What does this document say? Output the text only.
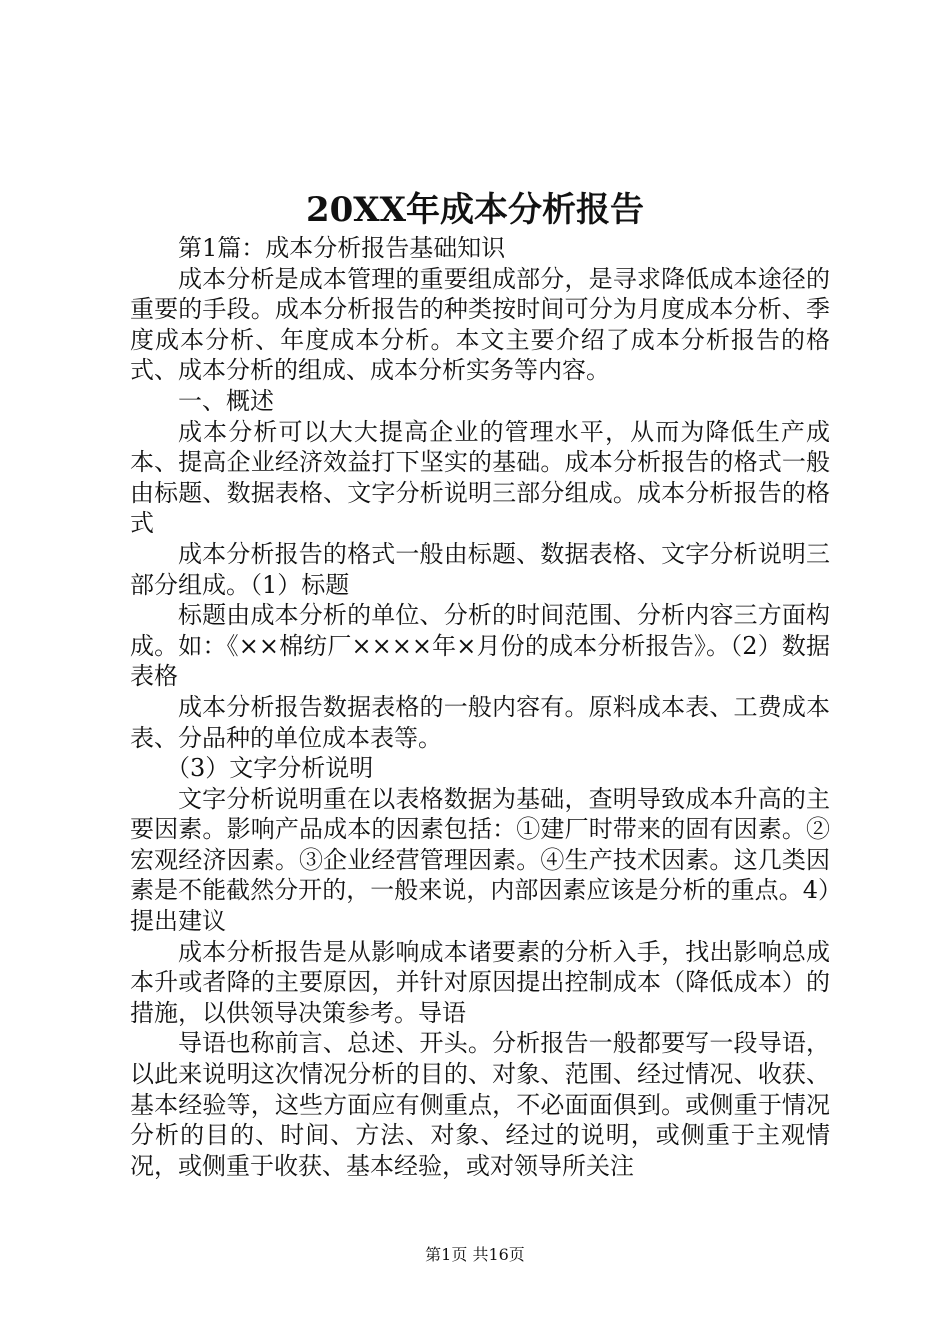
20XX年成本分析报告

第1篇：成本分析报告基础知识

成本分析是成本管理的重要组成部分，是寻求降低成本途径的重要的手段。成本分析报告的种类按时间可分为月度成本分析、季度成本分析、年度成本分析。本文主要介绍了成本分析报告的格式、成本分析的组成、成本分析实务等内容。

一、概述

成本分析可以大大提高企业的管理水平，从而为降低生产成本、提高企业经济效益打下坚实的基础。成本分析报告的格式一般由标题、数据表格、文字分析说明三部分组成。成本分析报告的格式

成本分析报告的格式一般由标题、数据表格、文字分析说明三部分组成。（1）标题

标题由成本分析的单位、分析的时间范围、分析内容三方面构成。如：《××棉纺厂××××年×月份的成本分析报告》。（2）数据表格

成本分析报告数据表格的一般内容有。原料成本表、工费成本表、分品种的单位成本表等。

（3）文字分析说明

文字分析说明重在以表格数据为基础，查明导致成本升高的主要因素。影响产品成本的因素包括：①建厂时带来的固有因素。②宏观经济因素。③企业经营管理因素。④生产技术因素。这几类因素是不能截然分开的，一般来说，内部因素应该是分析的重点。4）提出建议

成本分析报告是从影响成本诸要素的分析入手，找出影响总成本升或者降的主要原因，并针对原因提出控制成本（降低成本）的措施，以供领导决策参考。导语

导语也称前言、总述、开头。分析报告一般都要写一段导语，以此来说明这次情况分析的目的、对象、范围、经过情况、收获、基本经验等，这些方面应有侧重点，不必面面俱到。或侧重于情况分析的目的、时间、方法、对象、经过的说明，或侧重于主观情况，或侧重于收获、基本经验，或对领导所关注

第1页 共16页
